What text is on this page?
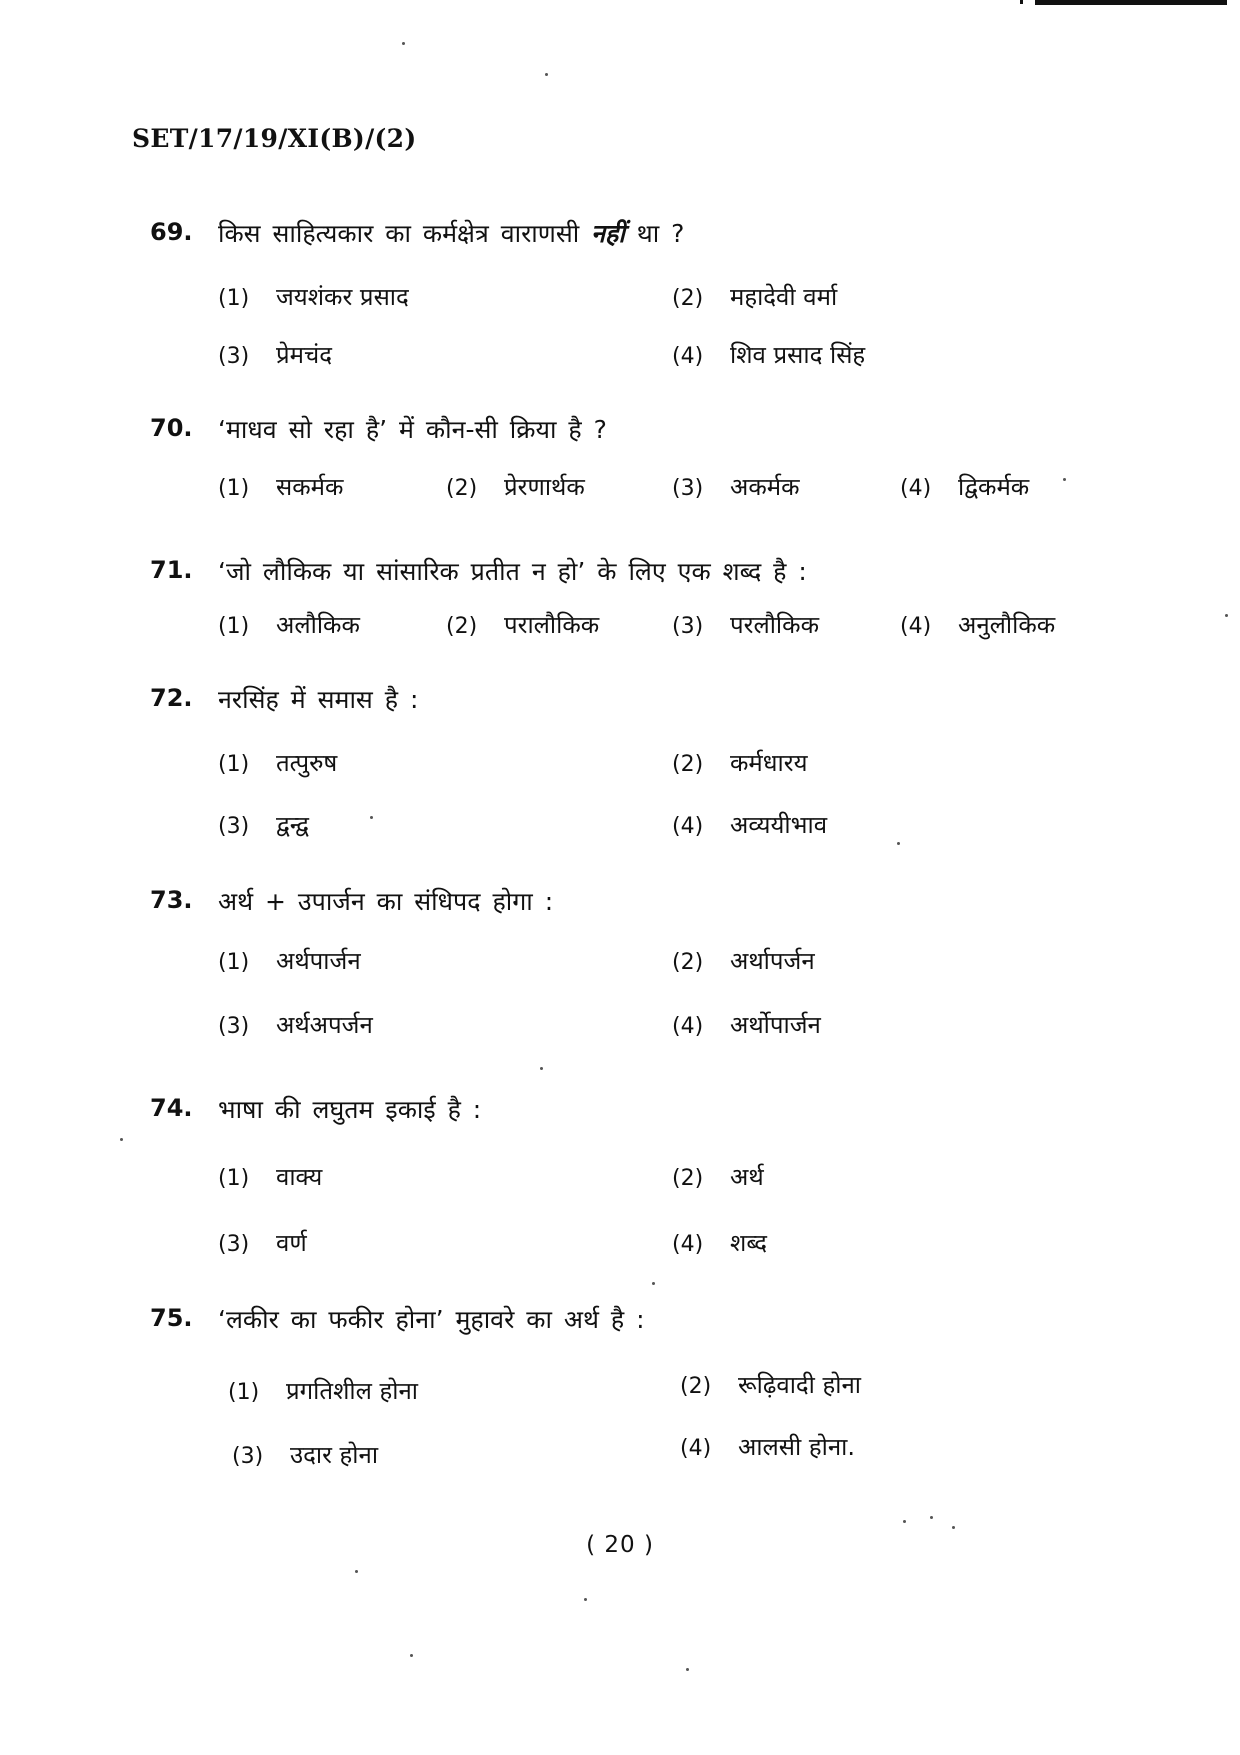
SET/17/19/XI(B)/(2)
69. किस साहित्यकार का कर्मक्षेत्र वाराणसी नहीं था ?
(1) जयशंकर प्रसाद	(2) महादेवी वर्मा
(3) प्रेमचंद	(4) शिव प्रसाद सिंह
70. ‘माधव सो रहा है’ में कौन-सी क्रिया है ?
(1) सकर्मक	(2) प्रेरणार्थक	(3) अकर्मक	(4) द्विकर्मक
71. ‘जो लौकिक या सांसारिक प्रतीत न हो’ के लिए एक शब्द है :
(1) अलौकिक	(2) परालौकिक	(3) परलौकिक	(4) अनुलौकिक
72. नरसिंह में समास है :
(1) तत्पुरुष	(2) कर्मधारय
(3) द्वन्द्व	(4) अव्ययीभाव
73. अर्थ + उपार्जन का संधिपद होगा :
(1) अर्थपार्जन	(2) अर्थापर्जन
(3) अर्थअपर्जन	(4) अर्थोपार्जन
74. भाषा की लघुतम इकाई है :
(1) वाक्य	(2) अर्थ
(3) वर्ण	(4) शब्द
75. ‘लकीर का फकीर होना’ मुहावरे का अर्थ है :
(1) प्रगतिशील होना	(2) रूढ़िवादी होना
(3) उदार होना	(4) आलसी होना.
( 20 )
